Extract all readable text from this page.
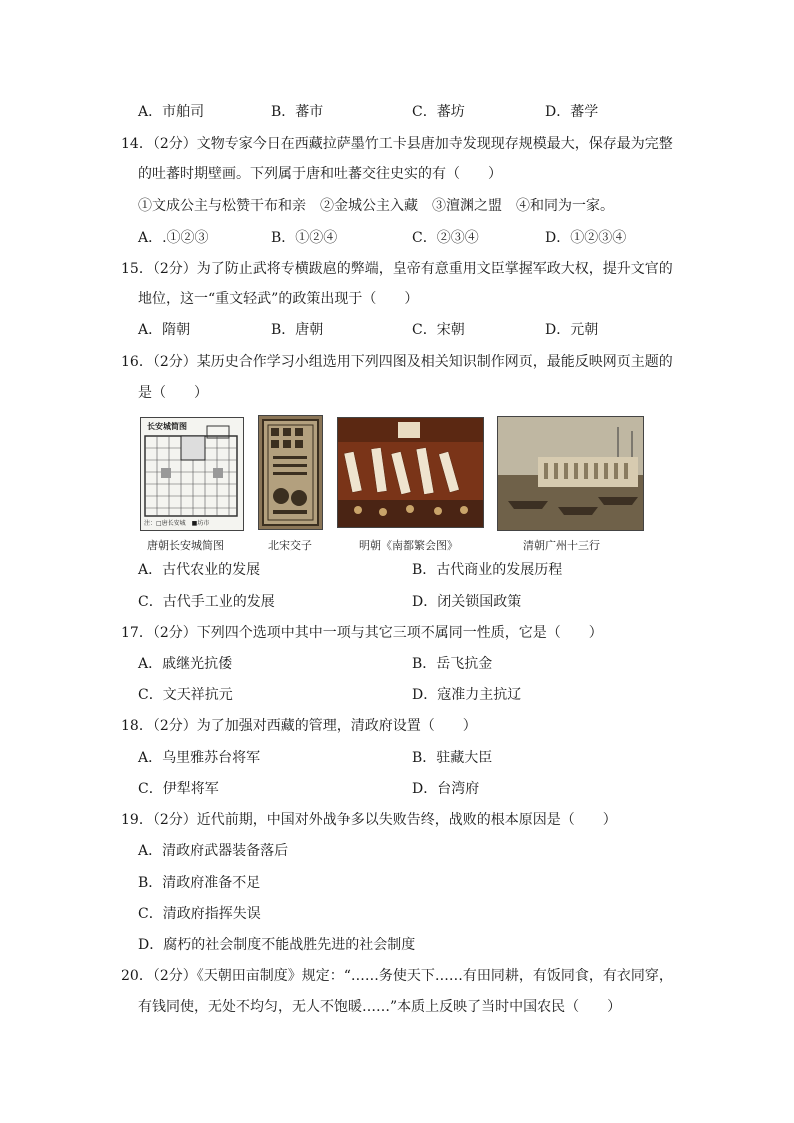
A．市舶司	B．蕃市	C．蕃坊	D．蕃学
14．（2分）文物专家今日在西藏拉萨墨竹工卡县唐加寺发现现存规模最大，保存最为完整
的吐蕃时期壁画。下列属于唐和吐蕃交往史实的有（　　）
①文成公主与松赞干布和亲　②金城公主入藏　③澶渊之盟　④和同为一家。
A．.①②③	B．①②④	C．②③④	D．①②③④
15．（2分）为了防止武将专横跋扈的弊端，皇帝有意重用文臣掌握军政大权，提升文官的
地位，这一“重文轻武”的政策出现于（　　）
A．隋朝	B．唐朝	C．宋朝	D．元朝
16．（2分）某历史合作学习小组选用下列四图及相关知识制作网页，最能反映网页主题的
是（　　）
长安城简图
注：□唐长安城　■坊市
唐朝长安城简图	北宋交子	明朝《南都繁会图》	清朝广州十三行
A．古代农业的发展	B．古代商业的发展历程
C．古代手工业的发展	D．闭关锁国政策
17．（2分）下列四个选项中其中一项与其它三项不属同一性质，它是（　　）
A．戚继光抗倭	B．岳飞抗金
C．文天祥抗元	D．寇准力主抗辽
18．（2分）为了加强对西藏的管理，清政府设置（　　）
A．乌里雅苏台将军	B．驻藏大臣
C．伊犁将军	D．台湾府
19．（2分）近代前期，中国对外战争多以失败告终，战败的根本原因是（　　）
A．清政府武器装备落后
B．清政府准备不足
C．清政府指挥失误
D．腐朽的社会制度不能战胜先进的社会制度
20．（2分）《天朝田亩制度》规定：“……务使天下……有田同耕，有饭同食，有衣同穿，
有钱同使，无处不均匀，无人不饱暖……”本质上反映了当时中国农民（　　）
